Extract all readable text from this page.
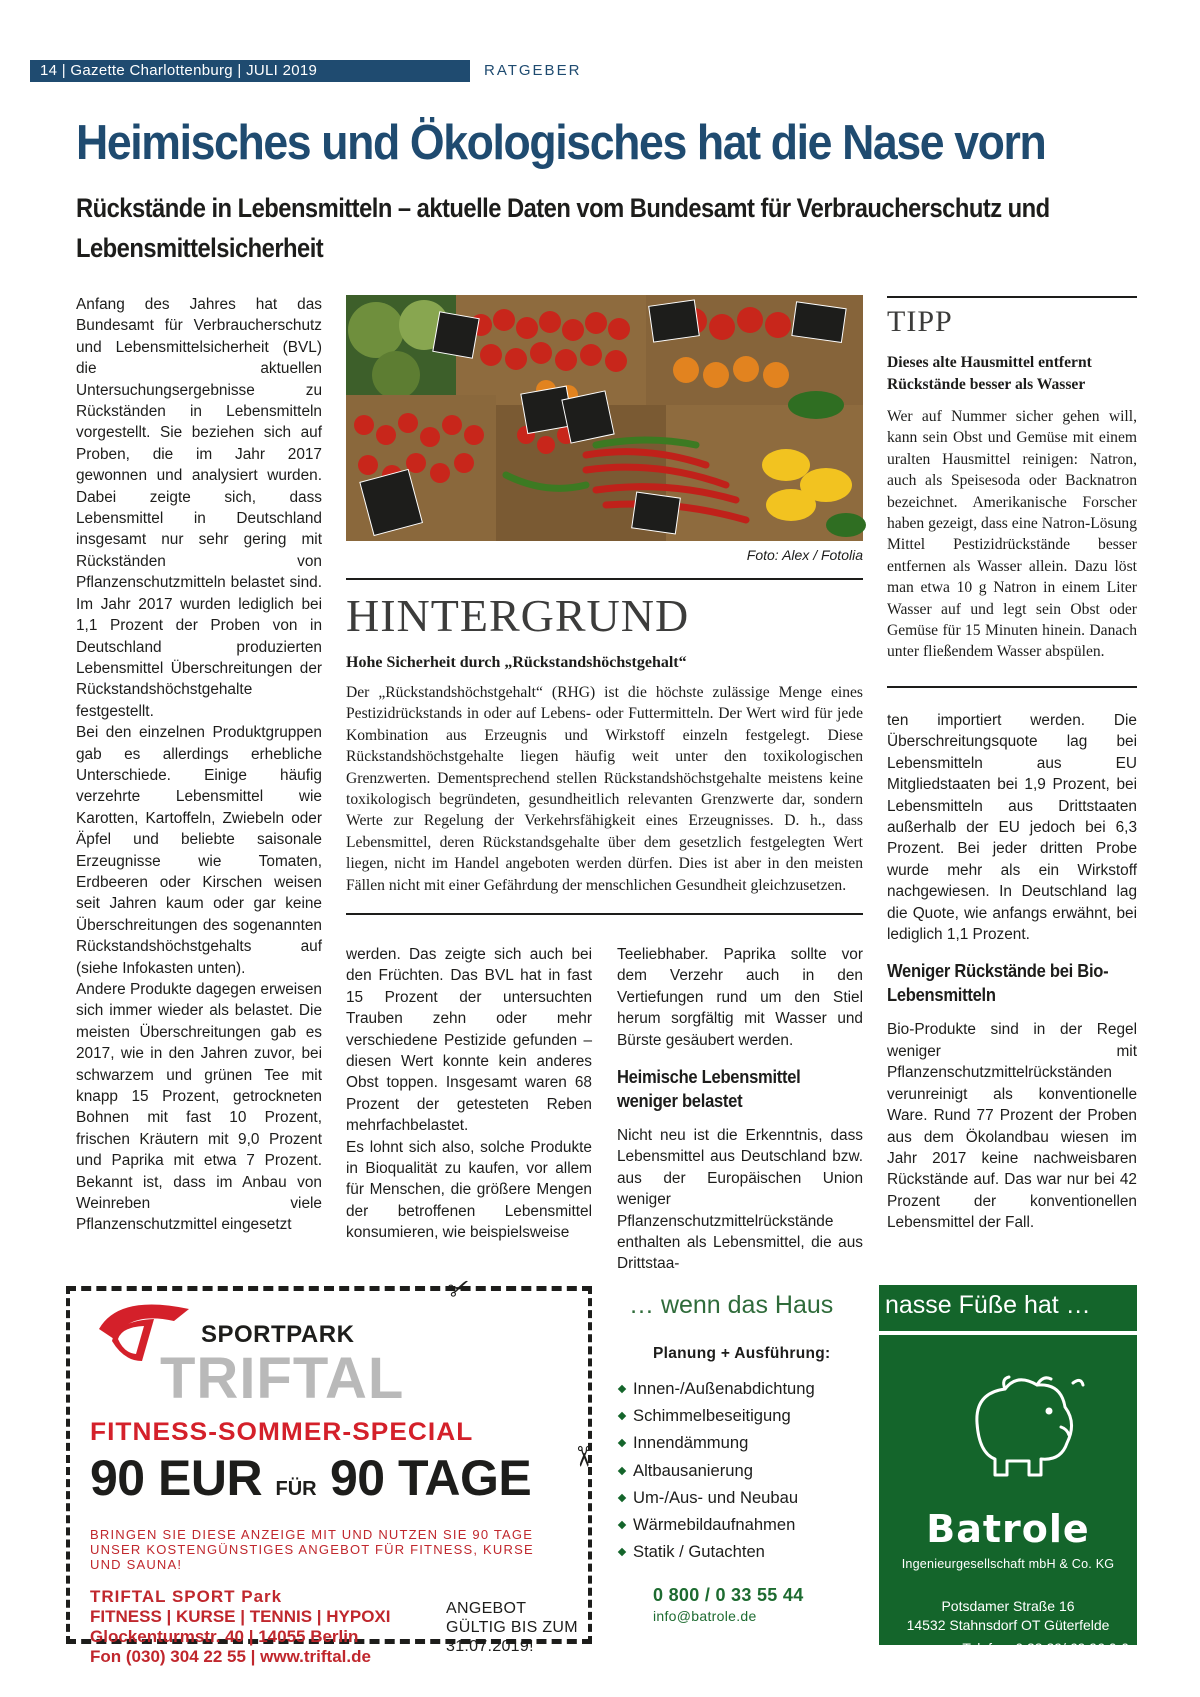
14 | Gazette Charlottenburg | JULI 2019	RATGEBER
Heimisches und Ökologisches hat die Nase vorn
Rückstände in Lebensmitteln – aktuelle Daten vom Bundesamt für Verbraucherschutz und Lebensmittelsicherheit

Anfang des Jahres hat das Bundesamt für Verbraucherschutz und Lebensmittelsicherheit (BVL) die aktuellen Untersuchungsergebnisse zu Rückständen in Lebensmitteln vorgestellt. Sie beziehen sich auf Proben, die im Jahr 2017 gewonnen und analysiert wurden. Dabei zeigte sich, dass Lebensmittel in Deutschland insgesamt nur sehr gering mit Rückständen von Pflanzenschutzmitteln belastet sind. Im Jahr 2017 wurden lediglich bei 1,1 Prozent der Proben von in Deutschland produzierten Lebensmittel Überschreitungen der Rückstandshöchstgehalte festgestellt.

Bei den einzelnen Produktgruppen gab es allerdings erhebliche Unterschiede. Einige häufig verzehrte Lebensmittel wie Karotten, Kartoffeln, Zwiebeln oder Äpfel und beliebte saisonale Erzeugnisse wie Tomaten, Erdbeeren oder Kirschen weisen seit Jahren kaum oder gar keine Überschreitungen des sogenannten Rückstandshöchstgehalts auf (siehe Infokasten unten).

Andere Produkte dagegen erweisen sich immer wieder als belastet. Die meisten Überschreitungen gab es 2017, wie in den Jahren zuvor, bei schwarzem und grünen Tee mit knapp 15 Prozent, getrockneten Bohnen mit fast 10 Prozent, frischen Kräutern mit 9,0 Prozent und Paprika mit etwa 7 Prozent. Bekannt ist, dass im Anbau von Weinreben viele Pflanzenschutzmittel eingesetzt

Foto: Alex / Fotolia
HINTERGRUND
Hohe Sicherheit durch „Rückstandshöchstgehalt“
Der „Rückstandshöchstgehalt“ (RHG) ist die höchste zulässige Menge eines Pestizidrückstands in oder auf Lebens- oder Futtermitteln. Der Wert wird für jede Kombination aus Erzeugnis und Wirkstoff einzeln festgelegt. Diese Rückstandshöchstgehalte liegen häufig weit unter den toxikologischen Grenzwerten. Dementsprechend stellen Rückstandshöchstgehalte meistens keine toxikologisch begründeten, gesundheitlich relevanten Grenzwerte dar, sondern Werte zur Regelung der Verkehrsfähigkeit eines Erzeugnisses. D. h., dass Lebensmittel, deren Rückstandsgehalte über dem gesetzlich festgelegten Wert liegen, nicht im Handel angeboten werden dürfen. Dies ist aber in den meisten Fällen nicht mit einer Gefährdung der menschlichen Gesundheit gleichzusetzen.

werden. Das zeigte sich auch bei den Früchten. Das BVL hat in fast 15 Prozent der untersuchten Trauben zehn oder mehr verschiedene Pestizide gefunden – diesen Wert konnte kein anderes Obst toppen. Insgesamt waren 68 Prozent der getesteten Reben mehrfachbelastet.

Es lohnt sich also, solche Produkte in Bioqualität zu kaufen, vor allem für Menschen, die größere Mengen der betroffenen Lebensmittel konsumieren, wie beispielsweise

Teeliebhaber. Paprika sollte vor dem Verzehr auch in den Vertiefungen rund um den Stiel herum sorgfältig mit Wasser und Bürste gesäubert werden.

Heimische Lebensmittel weniger belastet

Nicht neu ist die Erkenntnis, dass Lebensmittel aus Deutschland bzw. aus der Europäischen Union weniger Pflanzenschutzmittelrückstände enthalten als Lebensmittel, die aus Drittstaa-

TIPP
Dieses alte Hausmittel entfernt Rückstände besser als Wasser
Wer auf Nummer sicher gehen will, kann sein Obst und Gemüse mit einem uralten Hausmittel reinigen: Natron, auch als Speisesoda oder Backnatron bezeichnet. Amerikanische Forscher haben gezeigt, dass eine Natron-Lösung Mittel Pestizidrückstände besser entfernen als Wasser allein. Dazu löst man etwa 10 g Natron in einem Liter Wasser auf und legt sein Obst oder Gemüse für 15 Minuten hinein. Danach unter fließendem Wasser abspülen.

ten importiert werden. Die Überschreitungsquote lag bei Lebensmitteln aus EU Mitgliedstaaten bei 1,9 Prozent, bei Lebensmitteln aus Drittstaaten außerhalb der EU jedoch bei 6,3 Prozent. Bei jeder dritten Probe wurde mehr als ein Wirkstoff nachgewiesen. In Deutschland lag die Quote, wie anfangs erwähnt, bei lediglich 1,1 Prozent.

Weniger Rückstände bei Bio-Lebensmitteln

Bio-Produkte sind in der Regel weniger mit Pflanzenschutzmittelrückständen verunreinigt als konventionelle Ware. Rund 77 Prozent der Proben aus dem Ökolandbau wiesen im Jahr 2017 keine nachweisbaren Rückstände auf. Das war nur bei 42 Prozent der konventionellen Lebensmittel der Fall.

SPORTPARK
TRIFTAL
FITNESS-SOMMER-SPECIAL
90 EUR FÜR 90 TAGE
BRINGEN SIE DIESE ANZEIGE MIT UND NUTZEN SIE 90 TAGE UNSER KOSTENGÜNSTIGES ANGEBOT FÜR FITNESS, KURSE UND SAUNA!
TRIFTAL SPORT Park
FITNESS | KURSE | TENNIS | HYPOXI
Glockenturmstr. 40 | 14055 Berlin
Fon (030) 304 22 55 | www.triftal.de
ANGEBOT
GÜLTIG BIS ZUM
31.07.2019!
✂
✂
… wenn das Haus	nasse Füße hat …
Planung + Ausführung:
Innen-/Außenabdichtung
Schimmelbeseitigung
Innendämmung
Altbausanierung
Um-/Aus- und Neubau
Wärmebildaufnahmen
Statik / Gutachten
0 800 / 0 33 55 44
info@batrole.de
Batrole
Ingenieurgesellschaft mbH & Co. KG
Potsdamer Straße 16
14532 Stahnsdorf OT Güterfelde
Telefon: 0 33 29/ 69 96 0-0
Telefax: 0 33 29/ 69 96 0-29
